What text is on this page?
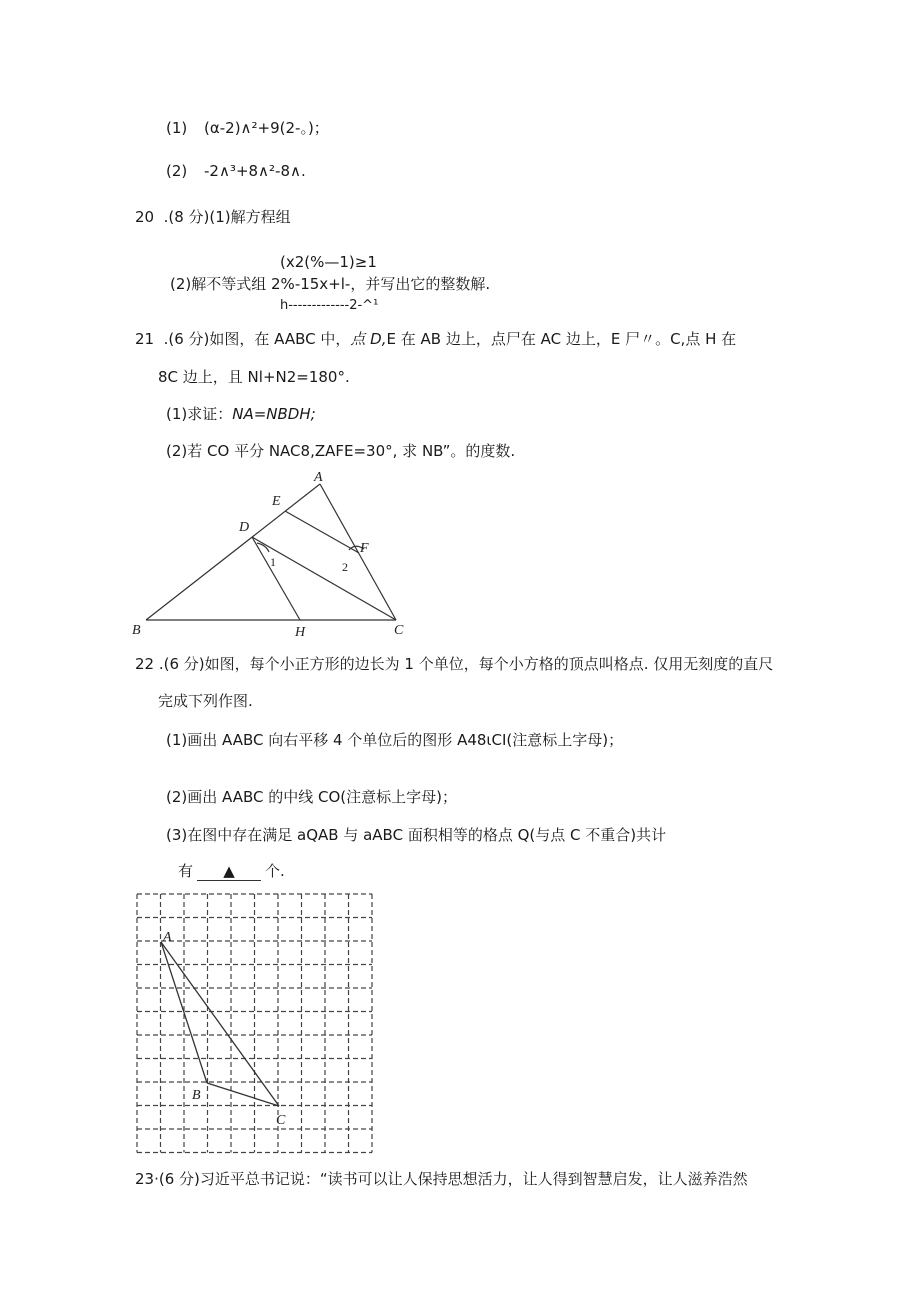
(1) (α-2)∧²+9(2-。)；
(2) -2∧³+8∧²-8∧.
20  .(8 分)(1)解方程组
(x2(%—1)≥1
(2)解不等式组 2%-15x+l-，并写出它的整数解.
h-------------2-^¹
21  .(6 分)如图，在 AABC 中，点 D,E 在 AB 边上，点尸在 AC 边上，E 尸〃。C,点 H 在
8C 边上，且 Nl+N2=180°.
(1)求证：NA=NBDH;
(2)若 CO 平分 NAC8,ZAFE=30°, 求 NB”。的度数.
A
B	C
D
E
F
H
1	2
22 .(6 分)如图，每个小正方形的边长为 1 个单位，每个小方格的顶点叫格点. 仅用无刻度的直尺
完成下列作图.
(1)画出 AABC 向右平移 4 个单位后的图形 A48ιCI(注意标上字母)；
(2)画出 AABC 的中线 CO(注意标上字母)；
(3)在图中存在满足 aQAB 与 aABC 面积相等的格点 Q(与点 C 不重合)共计
有 ▲ 个.
A
B
C
23·(6 分)习近平总书记说：“读书可以让人保持思想活力，让人得到智慧启发，让人滋养浩然
